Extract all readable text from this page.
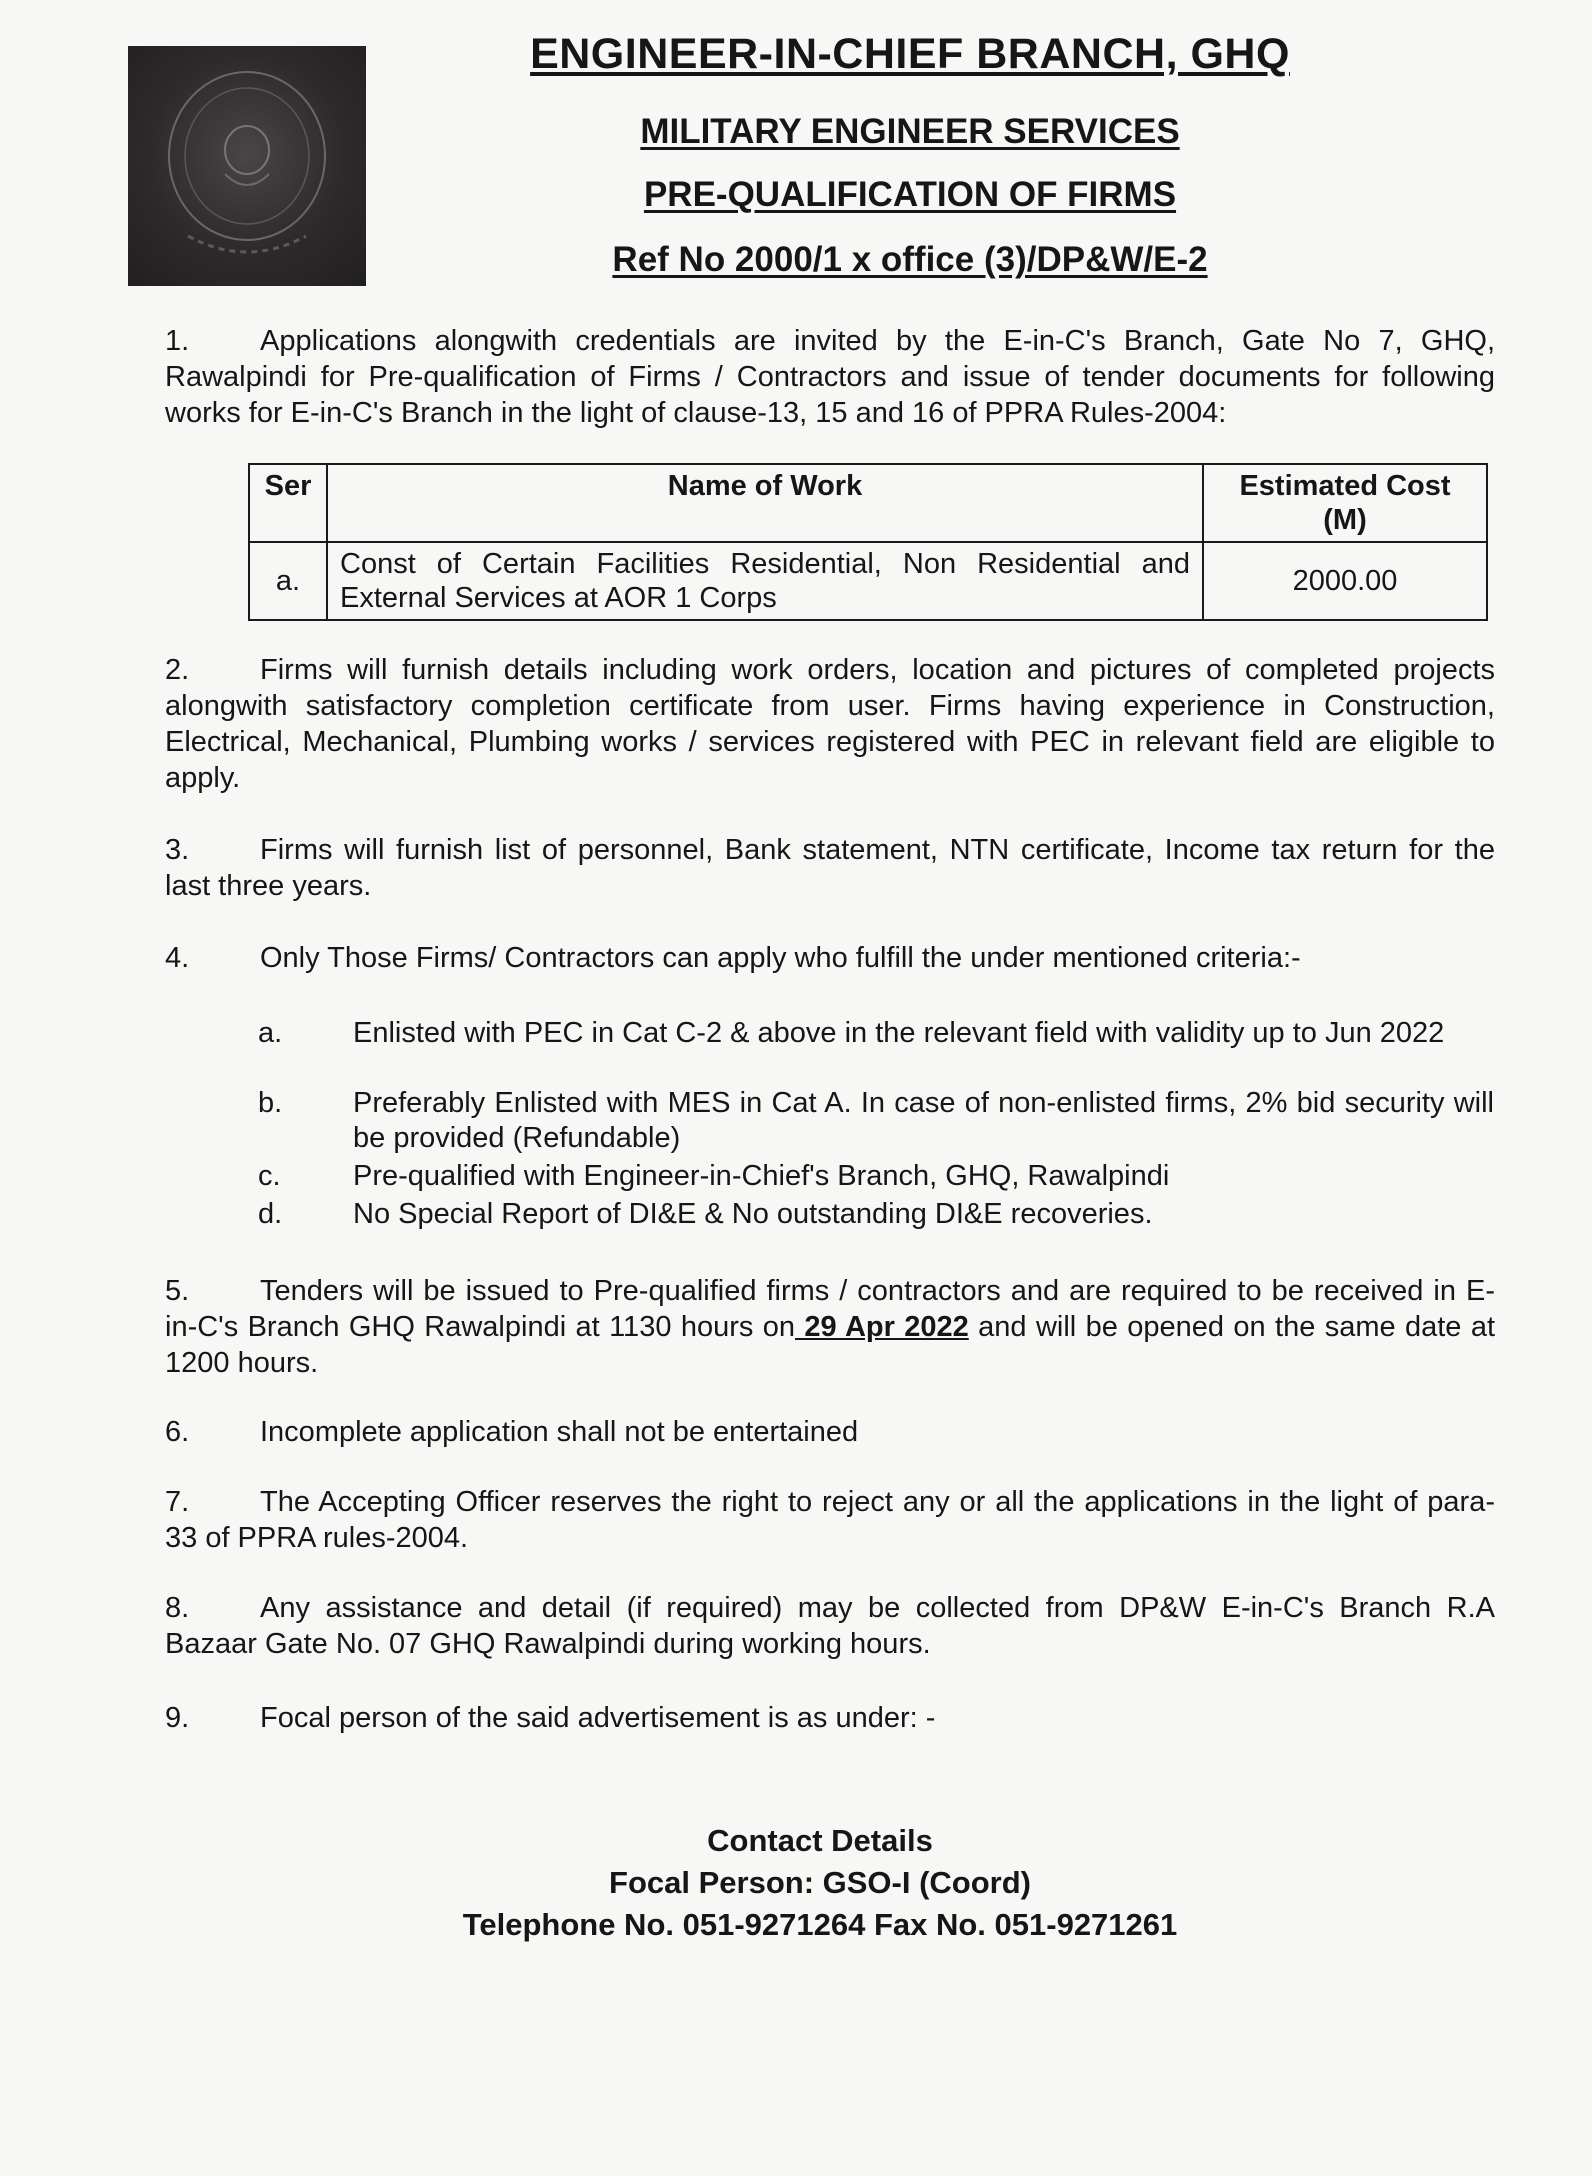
ENGINEER-IN-CHIEF BRANCH, GHQ
MILITARY ENGINEER SERVICES
PRE-QUALIFICATION OF FIRMS
Ref No 2000/1 x office (3)/DP&W/E-2
1. Applications alongwith credentials are invited by the E-in-C's Branch, Gate No 7, GHQ, Rawalpindi for Pre-qualification of Firms / Contractors and issue of tender documents for following works for E-in-C's Branch in the light of clause-13, 15 and 16 of PPRA Rules-2004:
Ser	Name of Work	Estimated Cost (M)
a.	Const of Certain Facilities Residential, Non Residential and External Services at AOR 1 Corps	2000.00
2. Firms will furnish details including work orders, location and pictures of completed projects alongwith satisfactory completion certificate from user. Firms having experience in Construction, Electrical, Mechanical, Plumbing works / services registered with PEC in relevant field are eligible to apply.
3. Firms will furnish list of personnel, Bank statement, NTN certificate, Income tax return for the last three years.
4. Only Those Firms/ Contractors can apply who fulfill the under mentioned criteria:-
a. Enlisted with PEC in Cat C-2 & above in the relevant field with validity up to Jun 2022
b. Preferably Enlisted with MES in Cat A. In case of non-enlisted firms, 2% bid security will be provided (Refundable)
c. Pre-qualified with Engineer-in-Chief's Branch, GHQ, Rawalpindi
d. No Special Report of DI&E & No outstanding DI&E recoveries.
5. Tenders will be issued to Pre-qualified firms / contractors and are required to be received in E-in-C's Branch GHQ Rawalpindi at 1130 hours on 29 Apr 2022 and will be opened on the same date at 1200 hours.
6. Incomplete application shall not be entertained
7. The Accepting Officer reserves the right to reject any or all the applications in the light of para-33 of PPRA rules-2004.
8. Any assistance and detail (if required) may be collected from DP&W E-in-C's Branch R.A Bazaar Gate No. 07 GHQ Rawalpindi during working hours.
9. Focal person of the said advertisement is as under: -
Contact Details
Focal Person: GSO-I (Coord)
Telephone No. 051-9271264 Fax No. 051-9271261
